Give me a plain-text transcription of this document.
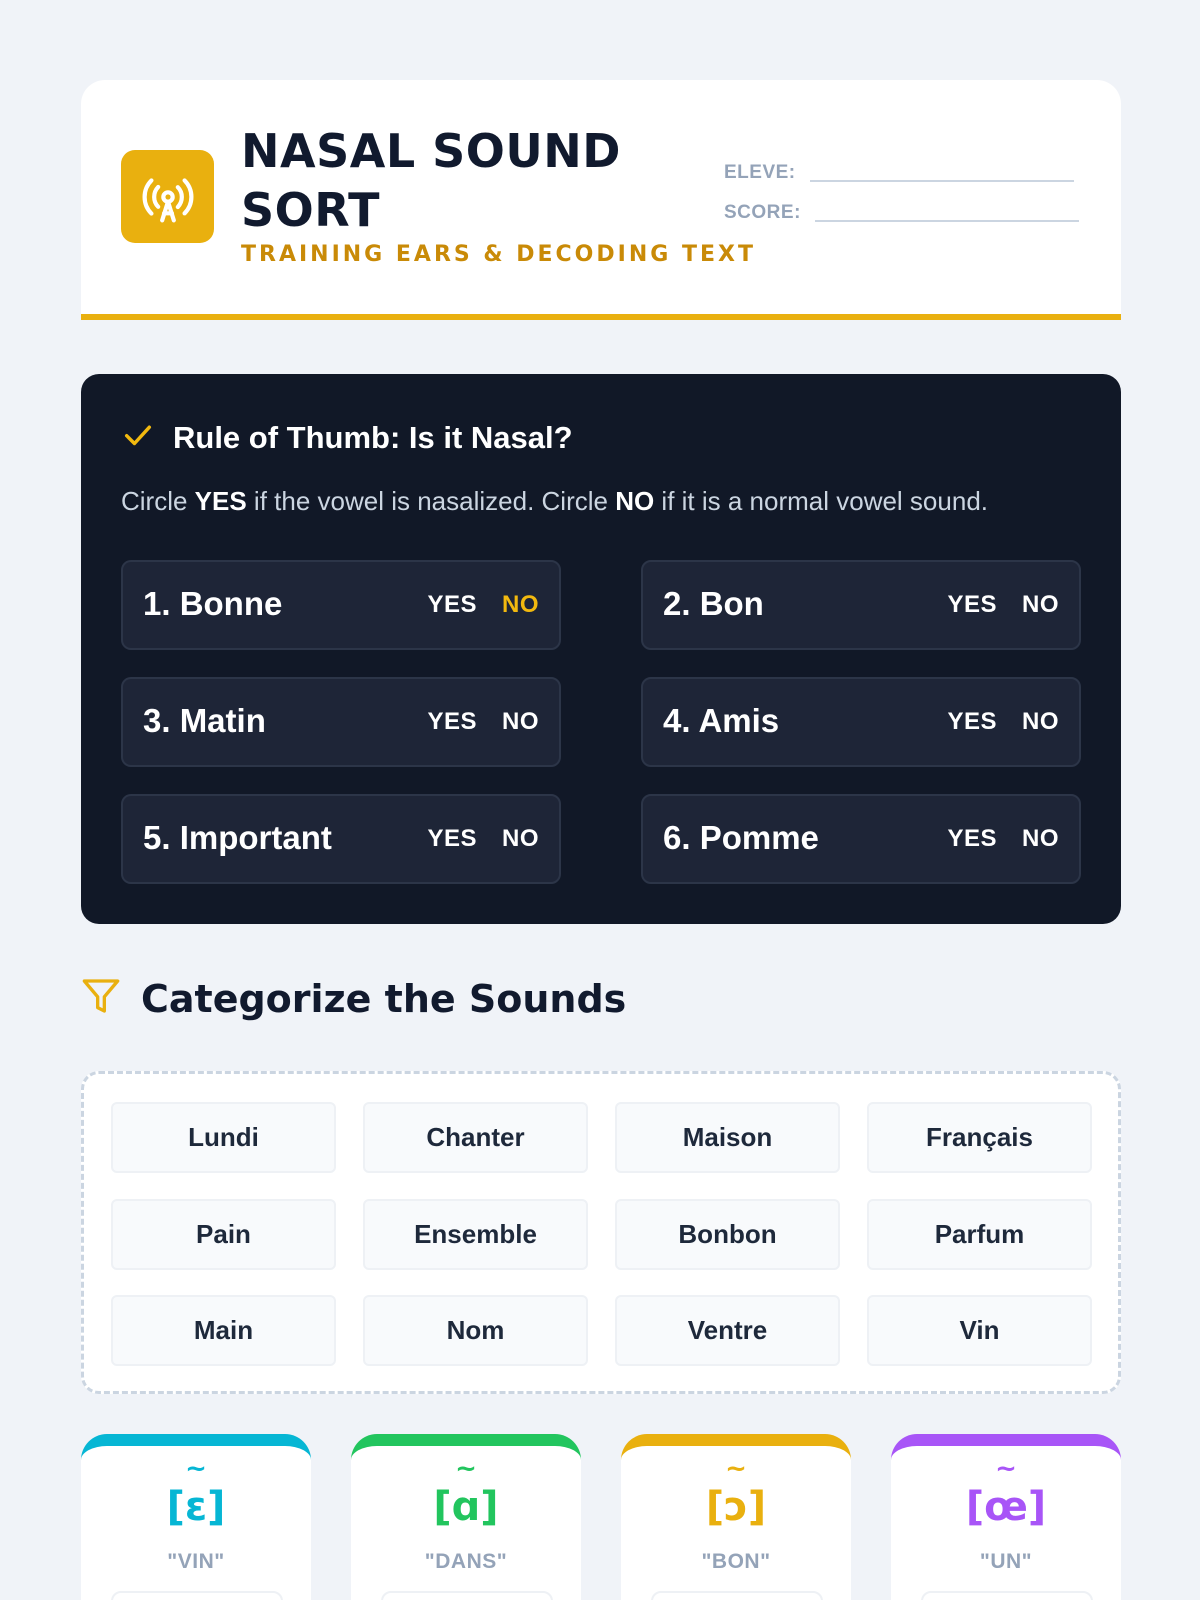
NASAL SOUND SORT
TRAINING EARS & DECODING TEXT
ELEVE:
SCORE:
Rule of Thumb: Is it Nasal?
Circle YES if the vowel is nasalized. Circle NO if it is a normal vowel sound.
1. Bonne	YES NO	2. Bon	YES NO
3. Matin	YES NO	4. Amis	YES NO
5. Important	YES NO	6. Pomme	YES NO
Categorize the Sounds
Lundi	Chanter	Maison	Français
Pain	Ensemble	Bonbon	Parfum
Main	Nom	Ventre	Vin
~
[ɛ]
"VIN"
~
[ɑ]
"DANS"
~
[ɔ]
"BON"
~
[œ]
"UN"
